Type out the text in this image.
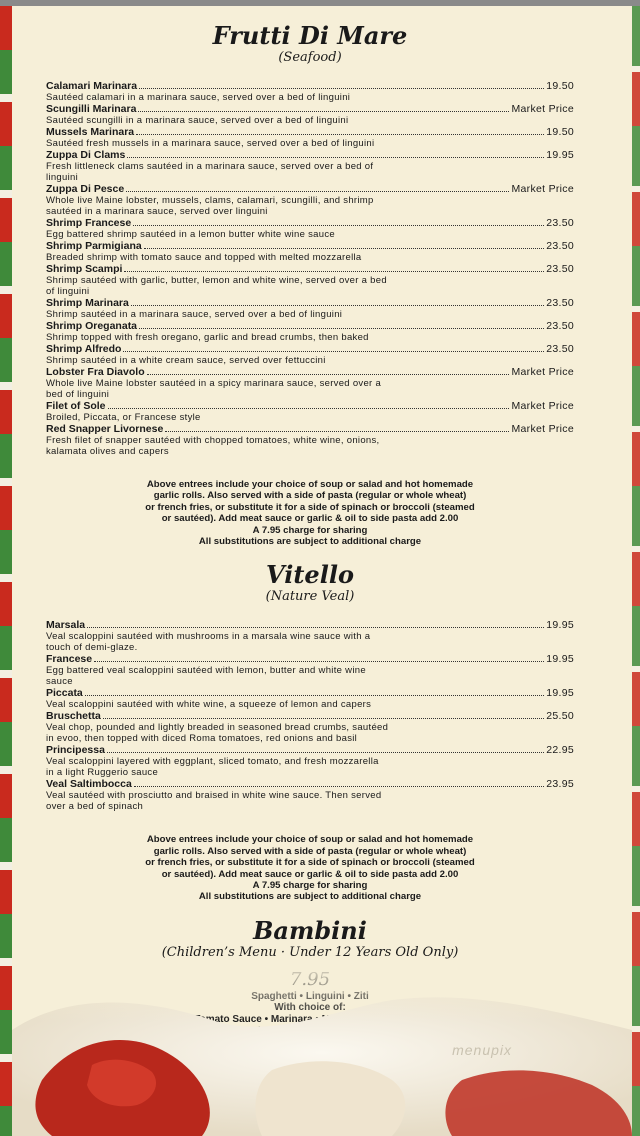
Frutti Di Mare
(Seafood)
Calamari Marinara	19.50
Sautéed calamari in a marinara sauce, served over a bed of linguini
Scungilli Marinara	Market Price
Sautéed scungilli in a marinara sauce, served over a bed of linguini
Mussels Marinara	19.50
Sautéed fresh mussels in a marinara sauce, served over a bed of linguini
Zuppa Di Clams	19.95
Fresh littleneck clams sautéed in a marinara sauce, served over a bed of
linguini
Zuppa Di Pesce	Market Price
Whole live Maine lobster, mussels, clams, calamari, scungilli, and shrimp
sautéed in a marinara sauce, served over linguini
Shrimp Francese	23.50
Egg battered shrimp sautéed in a lemon butter white wine sauce
Shrimp Parmigiana	23.50
Breaded shrimp with tomato sauce and topped with melted mozzarella
Shrimp Scampi	23.50
Shrimp sautéed with garlic, butter, lemon and white wine, served over a bed
of linguini
Shrimp Marinara	23.50
Shrimp sautéed in a marinara sauce, served over a bed of linguini
Shrimp Oreganata	23.50
Shrimp topped with fresh oregano, garlic and bread crumbs, then baked
Shrimp Alfredo	23.50
Shrimp sautéed in a white cream sauce, served over fettuccini
Lobster Fra Diavolo	Market Price
Whole live Maine lobster sautéed in a spicy marinara sauce, served over a
bed of linguini
Filet of Sole	Market Price
Broiled, Piccata, or Francese style
Red Snapper Livornese	Market Price
Fresh filet of snapper sautéed with chopped tomatoes, white wine, onions,
kalamata olives and capers
Above entrees include your choice of soup or salad and hot homemade
garlic rolls. Also served with a side of pasta (regular or whole wheat)
or french fries, or substitute it for a side of spinach or broccoli (steamed
or sautéed). Add meat sauce or garlic & oil to side pasta add 2.00
A 7.95 charge for sharing
All substitutions are subject to additional charge
Vitello
(Nature Veal)
Marsala	19.95
Veal scaloppini sautéed with mushrooms in a marsala wine sauce with a
touch of demi-glaze.
Francese	19.95
Egg battered veal scaloppini sautéed with lemon, butter and white wine
sauce
Piccata	19.95
Veal scaloppini sautéed with white wine, a squeeze of lemon and capers
Bruschetta	25.50
Veal chop, pounded and lightly breaded in seasoned bread crumbs, sautéed
in evoo, then topped with diced Roma tomatoes, red onions and basil
Principessa	22.95
Veal scaloppini layered with eggplant, sliced tomato, and fresh mozzarella
in a light Ruggerio sauce
Veal Saltimbocca	23.95
Veal sautéed with prosciutto and braised in white wine sauce. Then served
over a bed of spinach
Above entrees include your choice of soup or salad and hot homemade
garlic rolls. Also served with a side of pasta (regular or whole wheat)
or french fries, or substitute it for a side of spinach or broccoli (steamed
or sautéed). Add meat sauce or garlic & oil to side pasta add 2.00
A 7.95 charge for sharing
All substitutions are subject to additional charge
Bambini
(Children’s Menu · Under 12 Years Old Only)
menupix
